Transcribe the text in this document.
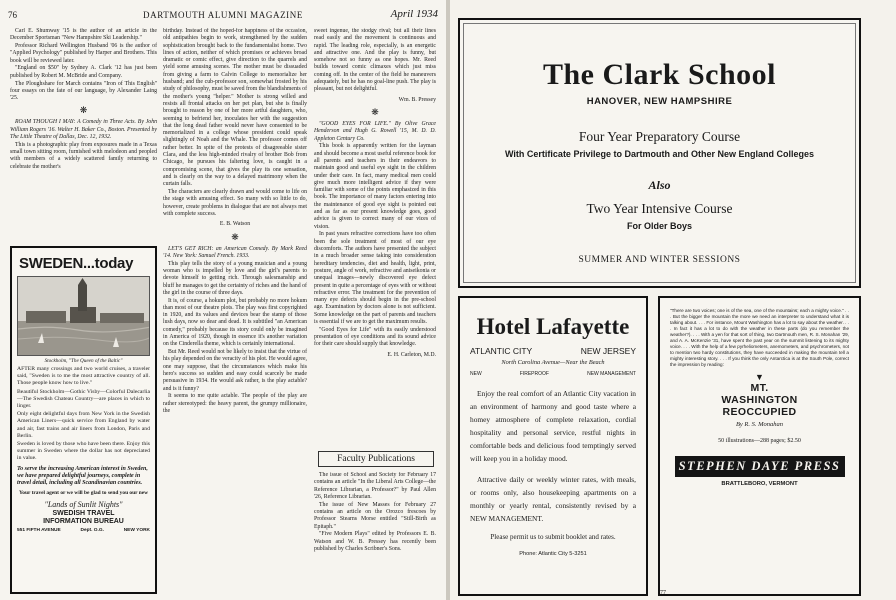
76	DARTMOUTH ALUMNI MAGAZINE	April 1934

Carl E. Shumway '15 is the author of an article in the December Sportsman "New Hampshire Ski Leadership."

Professor Richard Wellington Husband '06 is the author of "Applied Psychology" published by Harper and Brothers. This book will be reviewed later.

"England on $50" by Sydney A. Clark '12 has just been published by Robert M. McBride and Company.

The Ploughshare for March contains "Iron of This English" four essays on the fate of our language, by Alexander Laing '25.

❋

ROAM THOUGH I MAY: A Comedy in Three Acts. By John William Rogers '16. Walter H. Baker Co., Boston. Presented by The Little Theatre of Dallas, Dec. 12, 1932.

This is a photographic play from exposures made in a Texas small town sitting room, furnished with melodeon and peopled with members of a widely scattered family returning to celebrate the mother's

SWEDEN...today
Stockholm, "The Queen of the Baltic"

AFTER many crossings and two world cruises, a traveler said, "Sweden is to me the most attractive country of all. Those people know how to live."

Beautiful Stockholm—Gothic Visby—Colorful Dalecarlia—The Swedish Chateau Country—are places in which to linger.

Only eight delightful days from New York in the Swedish American Liners—quick service from England by water and air, fast trains and air liners from London, Paris and Berlin.

Sweden is loved by those who have been there. Enjoy this summer in Sweden where the dollar has not depreciated in value.

To serve the increasing American interest in Sweden, we have prepared delightful journeys, complete in travel detail, including all Scandinavian countries.
Your travel agent or we will be glad to send you our new
"Lands of Sunlit Nights"
SWEDISH TRAVEL
INFORMATION BUREAU
551 FIFTH AVENUE	Dept. O.G.	NEW YORK

birthday. Instead of the hoped-for happiness of the occasion, old antipathies begin to work, strengthened by the sudden sophistication brought back to the fundamentalist home. Two lines of action, neither of which promises or achieves broad dramatic or comic effect, give direction to the quarrels and yield some amusing scenes. The mother must be dissuaded from giving a farm to Calvin College to memorialize her husband; and the cub-professor son, somewhat frosted by his study of philosophy, must be saved from the blandishments of the mother's young "helper." Mother is strong willed and resists all frontal attacks on her pet plan, but she is finally brought to reason by one of her more artful daughters, who, seeming to befriend her, inoculates her with the suggestion that the long dead father would never have consented to be memorialized in a college whose president could speak slightingly of Noah and the Whale. The professor comes off rather better. In spite of the protests of disagreeable sister Clara, and the less high-minded rivalry of brother Bob from Chicago, he pursues his faltering love, is caught in a compromising scene, that gives the play its one sensation, and is clearly on the way to a delayed matrimony when the curtain falls.

The characters are clearly drawn and would come to life on the stage with amusing effect. So many with so little to do, however, create problems in dialogue that are not always met with complete success.

E. B. Watson

❋

LET'S GET RICH: an American Comedy. By Mark Reed '14. New York: Samuel French. 1933.

This play tells the story of a young musician and a young woman who is impelled by love and the girl's parents to devote himself to getting rich. Through salesmanship and bluff he manages to get the certainty of riches and the hand of the girl in the course of three days.

It is, of course, a hokum plot, but probably no more hokum than most of our theatre plots. The play was first copyrighted in 1920, and its values and devices bear the stamp of those lush days, now so dear and dead. It is subtitled "an American comedy," probably because its story could only be imagined in America of 1920, though in essence it's another variation on the Cinderella theme, which is certainly international.

But Mr. Reed would not be likely to insist that the virtue of his play depended on the veracity of his plot. He would agree, one may suppose, that the circumstances which make his hero's success so sudden and easy could scarcely be made persuasive in 1934. He would ask rather, is the play actable? and is it funny?

It seems to me quite actable. The people of the play are rather stereotyped: the heavy parent, the grumpy millionaire, the

sweet ingenue, the stodgy rival; but all their lines read easily and the movement is continuous and rapid. The leading role, especially, is an energetic and attractive one. And the play is funny, but somehow not so funny as one hopes. Mr. Reed builds toward comic climaxes which just miss coming off. In the center of the field he maneuvers adequately, but he has no goal-line push. The play is pleasant, but not delightful.

Wm. B. Pressey

❋

"GOOD EYES FOR LIFE." By Olive Grace Henderson and Hugh G. Rowell '15, M. D. D. Appleton Century Co.

This book is apparently written for the layman and should become a most useful reference book for all parents and teachers in their endeavors to maintain good and useful eye sight in the children under their care. In fact, many medical men could give much more intelligent advice if they were familiar with some of the points emphasized in this book. The importance of many factors entering into the maintenance of good eye sight is pointed out and as far as our present knowledge goes, good advice is given to correct many of our vices of vision.

In past years refractive corrections have too often been the sole treatment of most of our eye discomforts. The authors have presented the subject in a much broader sense taking into consideration hereditary tendencies, diet and health, light, print, posture, angle of work, refractive and aniseikonia or unequal images—newly discovered eye defect present in quite a percentage of eyes with or without refractive error. The treatment for the prevention of many eye defects should begin in the pre-school age. Examination by doctors alone is not sufficient. Some knowledge on the part of parents and teachers is essential if we are to get the maximum results.

"Good Eyes for Life" with its easily understood presentation of eye conditions and its sound advice for their care should supply that knowledge.

E. H. Carleton, M.D.

Faculty Publications

The issue of School and Society for February 17 contains an article "In the Liberal Arts College—the Reference Librarian, a Professor?" by Paul Allen '26, Reference Librarian.

The issue of New Masses for February 27 contains an article on the Orozco frescoes by Professor Stearns Morse entitled "Still-Birth as Epitaph."

"Five Modern Plays" edited by Professors E. B. Watson and W. B. Pressey has recently been published by Charles Scribner's Sons.

The Clark School
HANOVER, NEW HAMPSHIRE
Four Year Preparatory Course
With Certificate Privilege to Dartmouth and Other New England Colleges
Also
Two Year Intensive Course
For Older Boys
SUMMER AND WINTER SESSIONS
Hotel Lafayette
ATLANTIC CITY	NEW JERSEY
North Carolina Avenue—Near the Beach
NEW	FIREPROOF	NEW MANAGEMENT

Enjoy the real comfort of an Atlantic City vacation in an environment of harmony and good taste where a homey atmosphere of complete relaxation, cordial hospitality and personal service, restful nights in comfortable beds and delicious food temptingly served will keep you in a holiday mood.

Attractive daily or weekly winter rates, with meals, or rooms only, also housekeeping apartments on a monthly or yearly rental, consistently revised by a NEW MANAGEMENT.

Please permit us to submit booklet and rates.
Phone: Atlantic City 5-3251
"There are two voices; one is of the sea, one of the mountains; each a mighty voice." . . . But the bigger the mountain the more we need an interpreter to understand what it is talking about. . . . For instance, Mount Washington has a lot to say about the weather. . . . In fact it has a lot to do with the weather in these parts (do you remember the weather?). . . . With a yen for that sort of thing, two Dartmouth men, R. S. Monahan '29, and A. A. McKenzie '31, have spent the past year on the summit listening to its mighty voice. . . . With the help of a few pyrheliometers, anemometers, and psychrometers, not to mention two hardy constitutions, they have succeeded in making the mountain tell a mighty interesting story. . . . If you think the only Antarctica is at the South Pole, correct the impression by reading:
▼
MT.
WASHINGTON
REOCCUPIED
By R. S. Monahan
50 illustrations—288 pages; $2.50
STEPHEN DAYE PRESS
BRATTLEBORO, VERMONT
77
